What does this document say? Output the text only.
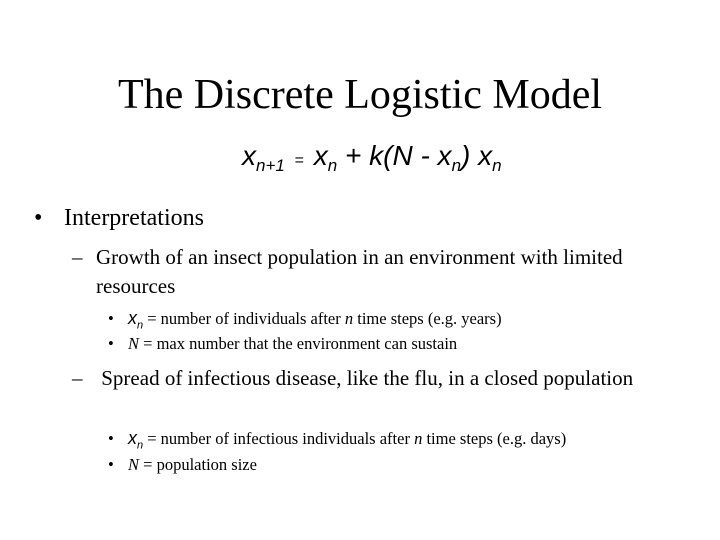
The Discrete Logistic Model
$x_{n+1} = x_n + k(N - x_n)$ $x_n$
• Interpretations
– Growth of an insect population in an environment with limited resources
• $x_n$ = number of individuals after n time steps (e.g. years)
• N = max number that the environment can sustain
– Spread of infectious disease, like the flu, in a closed population
• $x_n$ = number of infectious individuals after n time steps (e.g. days)
• N = population size
